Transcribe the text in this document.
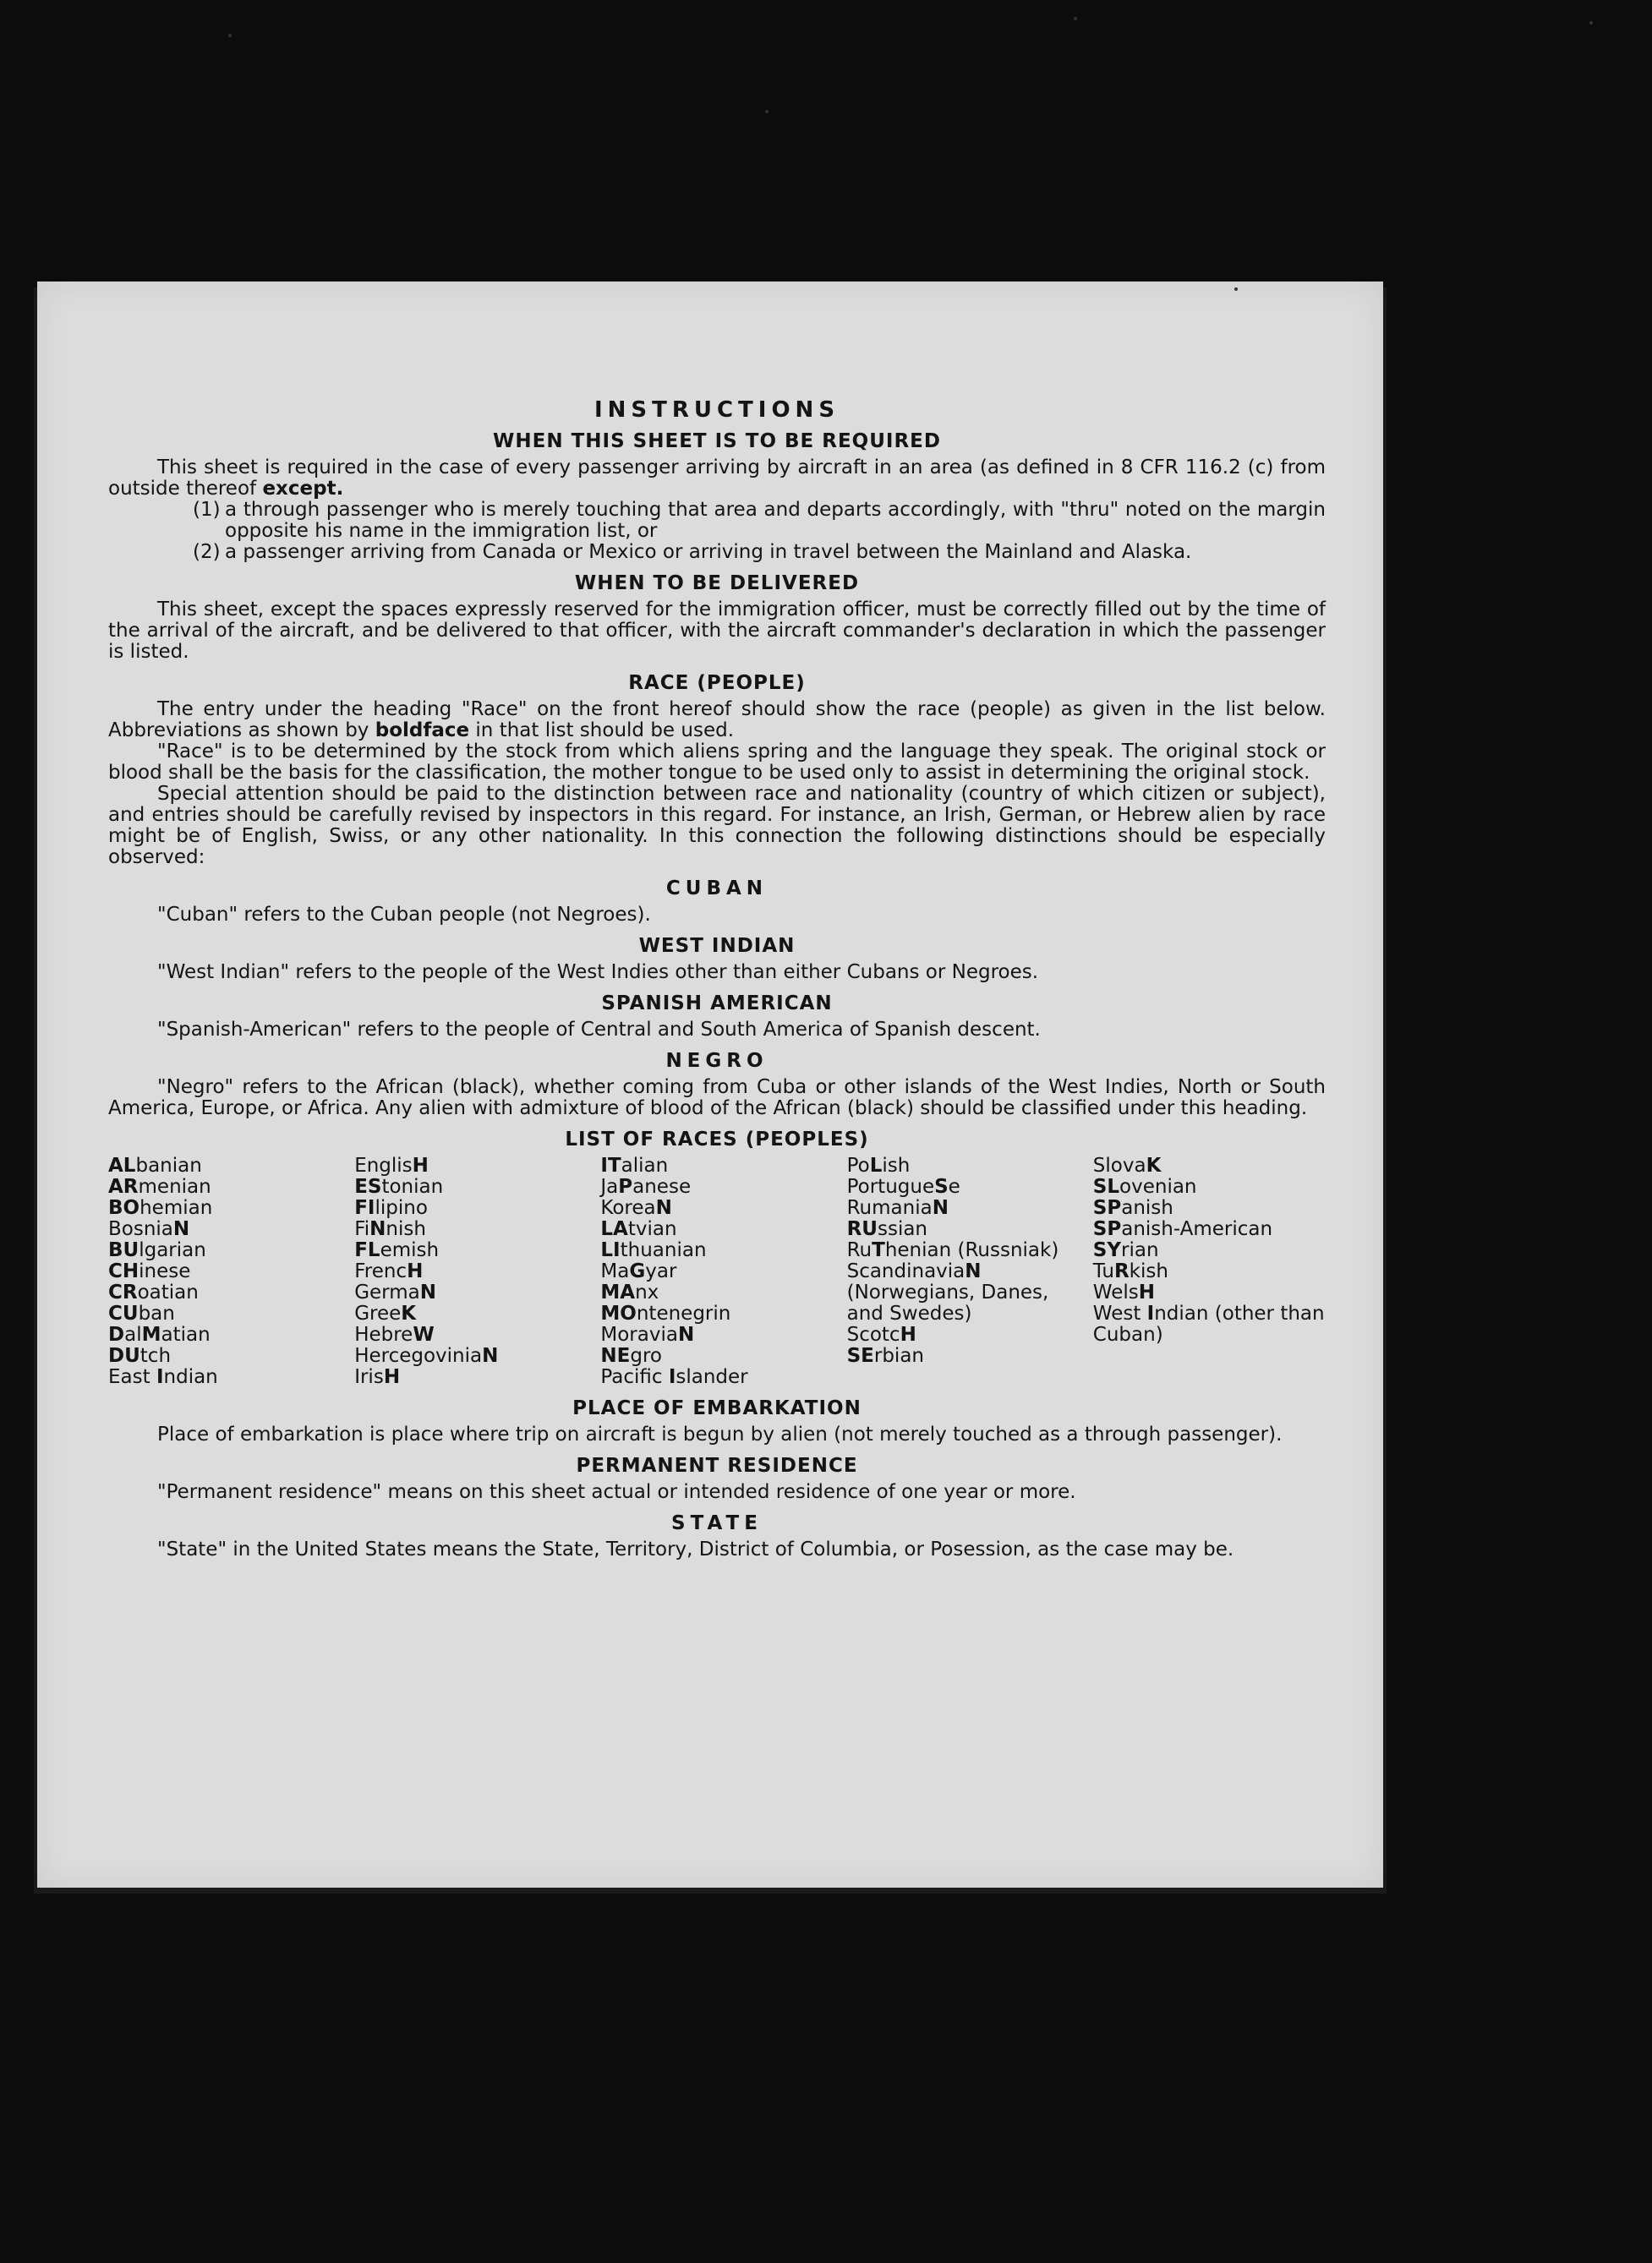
INSTRUCTIONS
WHEN THIS SHEET IS TO BE REQUIRED

This sheet is required in the case of every passenger arriving by aircraft in an area (as defined in 8 CFR 116.2 (c) from outside thereof except.

(1) a through passenger who is merely touching that area and departs accordingly, with "thru" noted on the margin opposite his name in the immigration list, or

(2) a passenger arriving from Canada or Mexico or arriving in travel between the Mainland and Alaska.

WHEN TO BE DELIVERED

This sheet, except the spaces expressly reserved for the immigration officer, must be correctly filled out by the time of the arrival of the aircraft, and be delivered to that officer, with the aircraft commander's declaration in which the passenger is listed.

RACE (PEOPLE)

The entry under the heading "Race" on the front hereof should show the race (people) as given in the list below. Abbreviations as shown by boldface in that list should be used.

"Race" is to be determined by the stock from which aliens spring and the language they speak. The original stock or blood shall be the basis for the classification, the mother tongue to be used only to assist in determining the original stock.

Special attention should be paid to the distinction between race and nationality (country of which citizen or subject), and entries should be carefully revised by inspectors in this regard. For instance, an Irish, German, or Hebrew alien by race might be of English, Swiss, or any other nationality. In this connection the following distinctions should be especially observed:

CUBAN

"Cuban" refers to the Cuban people (not Negroes).

WEST INDIAN

"West Indian" refers to the people of the West Indies other than either Cubans or Negroes.

SPANISH AMERICAN

"Spanish-American" refers to the people of Central and South America of Spanish descent.

NEGRO

"Negro" refers to the African (black), whether coming from Cuba or other islands of the West Indies, North or South America, Europe, or Africa. Any alien with admixture of blood of the African (black) should be classified under this heading.

LIST OF RACES (PEOPLES)
ALbanian
ARmenian
BOhemian
BosniaN
BUlgarian
CHinese
CRoatian
CUban
DalMatian
DUtch
East Indian
EnglisH
EStonian
FIlipino
FiNnish
FLemish
FrencH
GermaN
GreeK
HebreW
HercegoviniaN
IrisH
ITalian
JaPanese
KoreaN
LAtvian
LIthuanian
MaGyar
MAnx
MOntenegrin
MoraviaN
NEgro
Pacific Islander
PoLish
PortugueSe
RumaniaN
RUssian
RuThenian (Russniak)
ScandinaviaN (Norwegians, Danes, and Swedes)
ScotcH
SErbian
SlovaK
SLovenian
SPanish
SPanish-American
SYrian
TuRkish
WelsH
West Indian (other than Cuban)
PLACE OF EMBARKATION

Place of embarkation is place where trip on aircraft is begun by alien (not merely touched as a through passenger).

PERMANENT RESIDENCE

"Permanent residence" means on this sheet actual or intended residence of one year or more.

STATE

"State" in the United States means the State, Territory, District of Columbia, or Posession, as the case may be.
